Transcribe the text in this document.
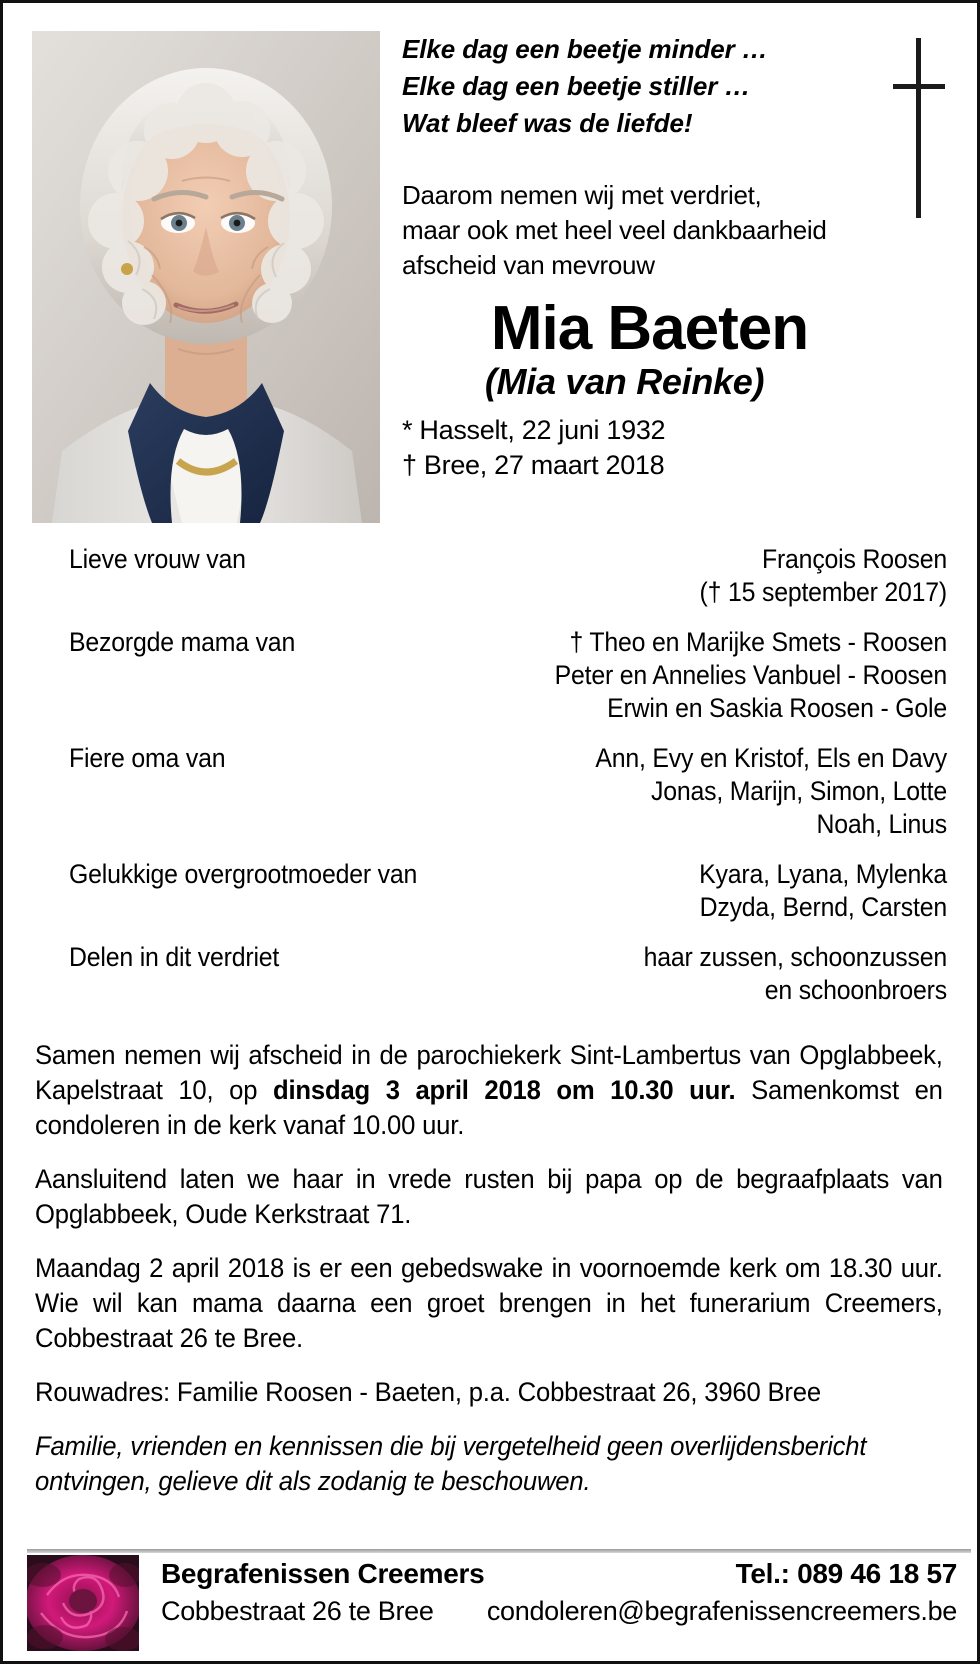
Elke dag een beetje minder …
Elke dag een beetje stiller …
Wat bleef was de liefde!
Daarom nemen wij met verdriet,
maar ook met heel veel dankbaarheid
afscheid van mevrouw
Mia Baeten
(Mia van Reinke)
* Hasselt, 22 juni 1932
† Bree, 27 maart 2018
Lieve vrouw van	François Roosen
(† 15 september 2017)
Bezorgde mama van	† Theo en Marijke Smets - Roosen
Peter en Annelies Vanbuel - Roosen
Erwin en Saskia Roosen - Gole
Fiere oma van	Ann, Evy en Kristof, Els en Davy
Jonas, Marijn, Simon, Lotte
Noah, Linus
Gelukkige overgrootmoeder van	Kyara, Lyana, Mylenka
Dzyda, Bernd, Carsten
Delen in dit verdriet	haar zussen, schoonzussen
en schoonbroers
Samen nemen wij afscheid in de parochiekerk Sint-Lambertus van Opglabbeek, Kapelstraat 10, op dinsdag 3 april 2018 om 10.30 uur. Samenkomst en condoleren in de kerk vanaf 10.00 uur.
Aansluitend laten we haar in vrede rusten bij papa op de begraafplaats van Opglabbeek, Oude Kerkstraat 71.
Maandag 2 april 2018 is er een gebedswake in voornoemde kerk om 18.30 uur. Wie wil kan mama daarna een groet brengen in het funerarium Creemers, Cobbestraat 26 te Bree.
Rouwadres: Familie Roosen - Baeten, p.a. Cobbestraat 26, 3960 Bree
Familie, vrienden en kennissen die bij vergetelheid geen overlijdensbericht ontvingen, gelieve dit als zodanig te beschouwen.
Begrafenissen Creemers
Cobbestraat 26 te Bree
Tel.: 089 46 18 57
condoleren@begrafenissencreemers.be
